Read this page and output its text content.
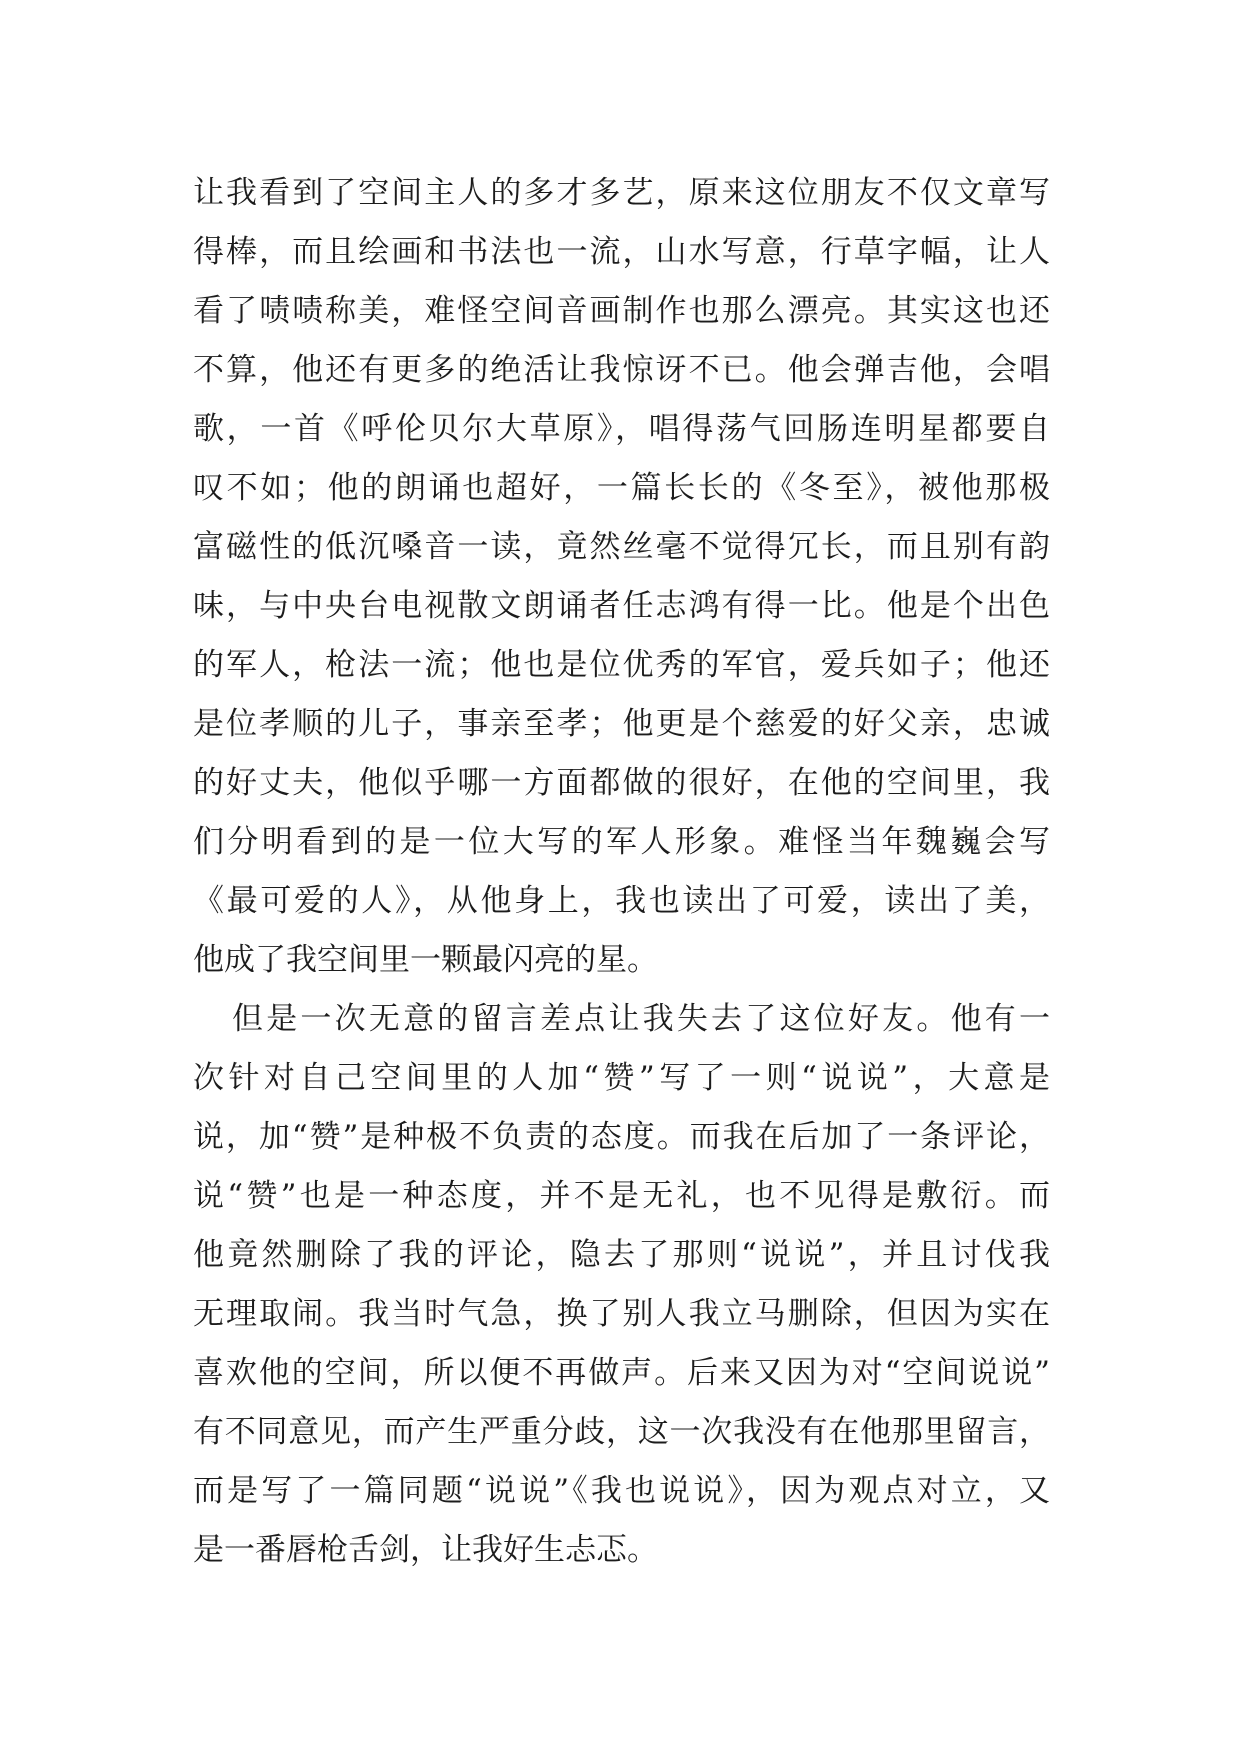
让我看到了空间主人的多才多艺，原来这位朋友不仅文章写
得棒，而且绘画和书法也一流，山水写意，行草字幅，让人
看了啧啧称美，难怪空间音画制作也那么漂亮。其实这也还
不算，他还有更多的绝活让我惊讶不已。他会弹吉他，会唱
歌，一首《呼伦贝尔大草原》，唱得荡气回肠连明星都要自
叹不如；他的朗诵也超好，一篇长长的《冬至》，被他那极
富磁性的低沉嗓音一读，竟然丝毫不觉得冗长，而且别有韵
味，与中央台电视散文朗诵者任志鸿有得一比。他是个出色
的军人，枪法一流；他也是位优秀的军官，爱兵如子；他还
是位孝顺的儿子，事亲至孝；他更是个慈爱的好父亲，忠诚
的好丈夫，他似乎哪一方面都做的很好，在他的空间里，我
们分明看到的是一位大写的军人形象。难怪当年魏巍会写
《最可爱的人》，从他身上，我也读出了可爱，读出了美，
他成了我空间里一颗最闪亮的星。
但是一次无意的留言差点让我失去了这位好友。他有一
次针对自己空间里的人加“赞”写了一则“说说”，大意是
说，加“赞”是种极不负责的态度。而我在后加了一条评论，
说“赞”也是一种态度，并不是无礼，也不见得是敷衍。而
他竟然删除了我的评论，隐去了那则“说说”，并且讨伐我
无理取闹。我当时气急，换了别人我立马删除，但因为实在
喜欢他的空间，所以便不再做声。后来又因为对“空间说说”
有不同意见，而产生严重分歧，这一次我没有在他那里留言，
而是写了一篇同题“说说”《我也说说》，因为观点对立，又
是一番唇枪舌剑，让我好生忐忑。
